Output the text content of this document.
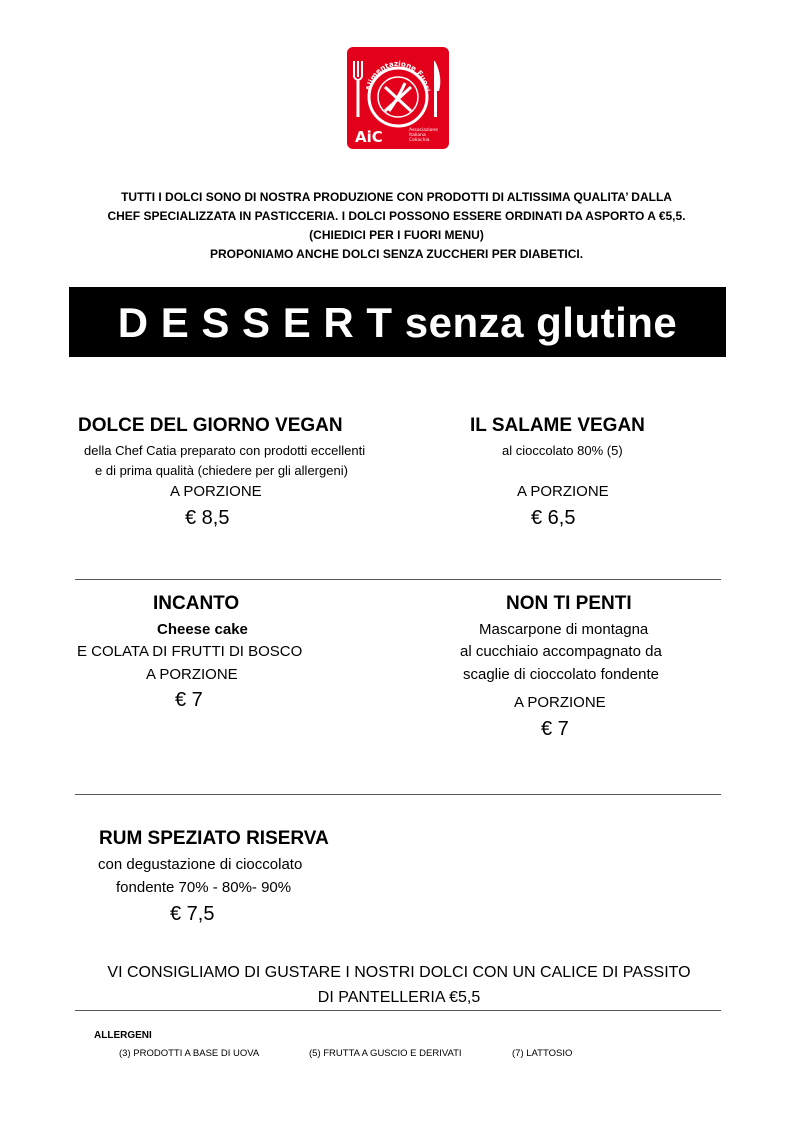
Alimentazione Fuori
AiC	Associazione
Italiana
Celiachia
TUTTI I DOLCI SONO DI NOSTRA PRODUZIONE CON PRODOTTI DI ALTISSIMA QUALITA’ DALLA
CHEF SPECIALIZZATA IN PASTICCERIA. I DOLCI POSSONO ESSERE ORDINATI DA ASPORTO A €5,5.
(CHIEDICI PER I FUORI MENU)
PROPONIAMO ANCHE DOLCI SENZA ZUCCHERI PER DIABETICI.
D E S S E R T senza glutine
DOLCE DEL GIORNO VEGAN
della Chef Catia preparato con prodotti eccellenti
e di prima qualità (chiedere per gli allergeni)
A PORZIONE
€ 8,5
IL SALAME VEGAN
al cioccolato 80% (5)
A PORZIONE
€ 6,5
INCANTO
Cheese cake
E COLATA DI FRUTTI DI BOSCO
A PORZIONE
€ 7
NON TI PENTI
Mascarpone di montagna
al cucchiaio accompagnato da
scaglie di cioccolato fondente
A PORZIONE
€ 7
RUM SPEZIATO RISERVA
con degustazione di cioccolato
fondente 70% - 80%- 90%
€ 7,5
VI CONSIGLIAMO DI GUSTARE I NOSTRI DOLCI CON UN CALICE DI PASSITO
DI PANTELLERIA €5,5
ALLERGENI
(3) PRODOTTI A BASE DI UOVA	(5) FRUTTA A GUSCIO E DERIVATI	(7) LATTOSIO
